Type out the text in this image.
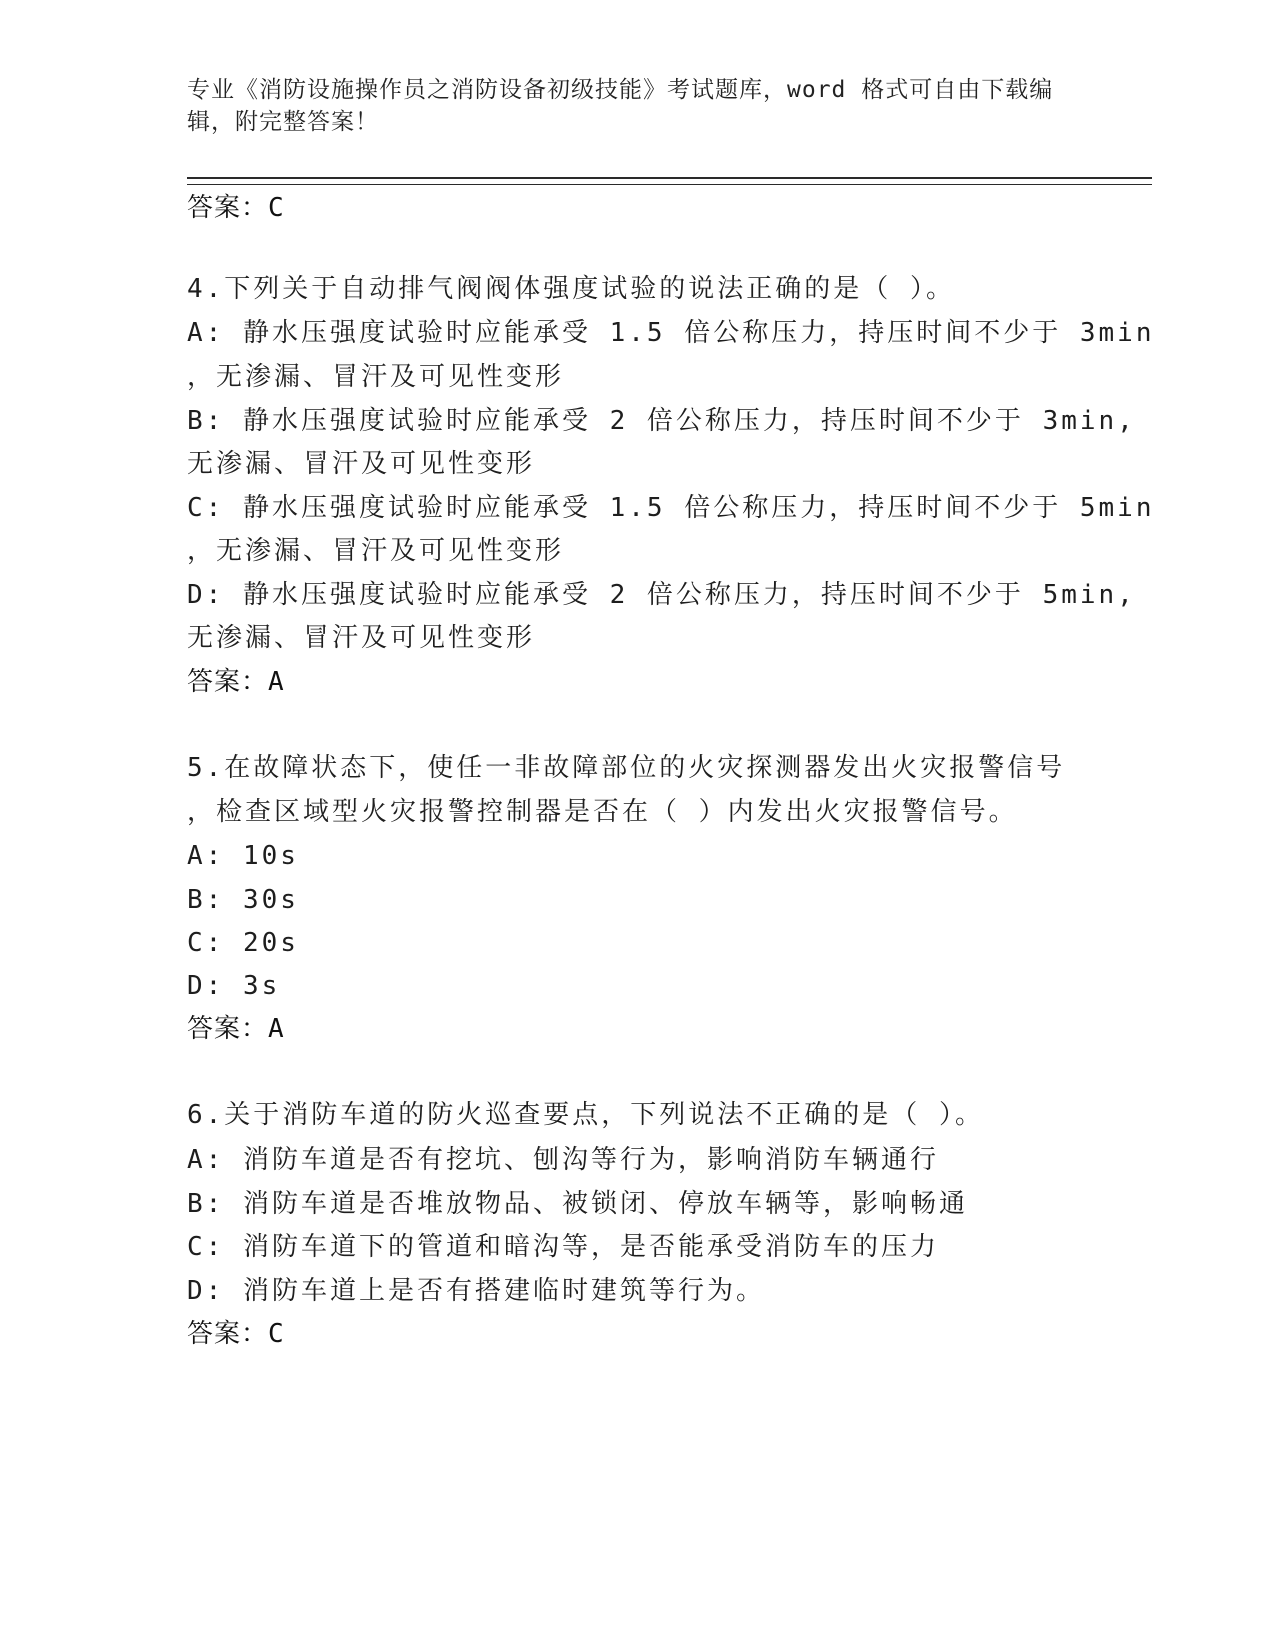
专业《消防设施操作员之消防设备初级技能》考试题库，word 格式可自由下载编
辑，附完整答案！
答案：C
4.下列关于自动排气阀阀体强度试验的说法正确的是（ ）。
A: 静水压强度试验时应能承受 1.5 倍公称压力，持压时间不少于 3min
，无渗漏、冒汗及可见性变形
B: 静水压强度试验时应能承受 2 倍公称压力，持压时间不少于 3min,
无渗漏、冒汗及可见性变形
C: 静水压强度试验时应能承受 1.5 倍公称压力，持压时间不少于 5min
，无渗漏、冒汗及可见性变形
D: 静水压强度试验时应能承受 2 倍公称压力，持压时间不少于 5min,
无渗漏、冒汗及可见性变形
答案：A
5.在故障状态下，使任一非故障部位的火灾探测器发出火灾报警信号
，检查区域型火灾报警控制器是否在（ ）内发出火灾报警信号。
A: 10s
B: 30s
C: 20s
D: 3s
答案：A
6.关于消防车道的防火巡查要点，下列说法不正确的是（ ）。
A: 消防车道是否有挖坑、刨沟等行为，影响消防车辆通行
B: 消防车道是否堆放物品、被锁闭、停放车辆等，影响畅通
C: 消防车道下的管道和暗沟等，是否能承受消防车的压力
D: 消防车道上是否有搭建临时建筑等行为。
答案：C
